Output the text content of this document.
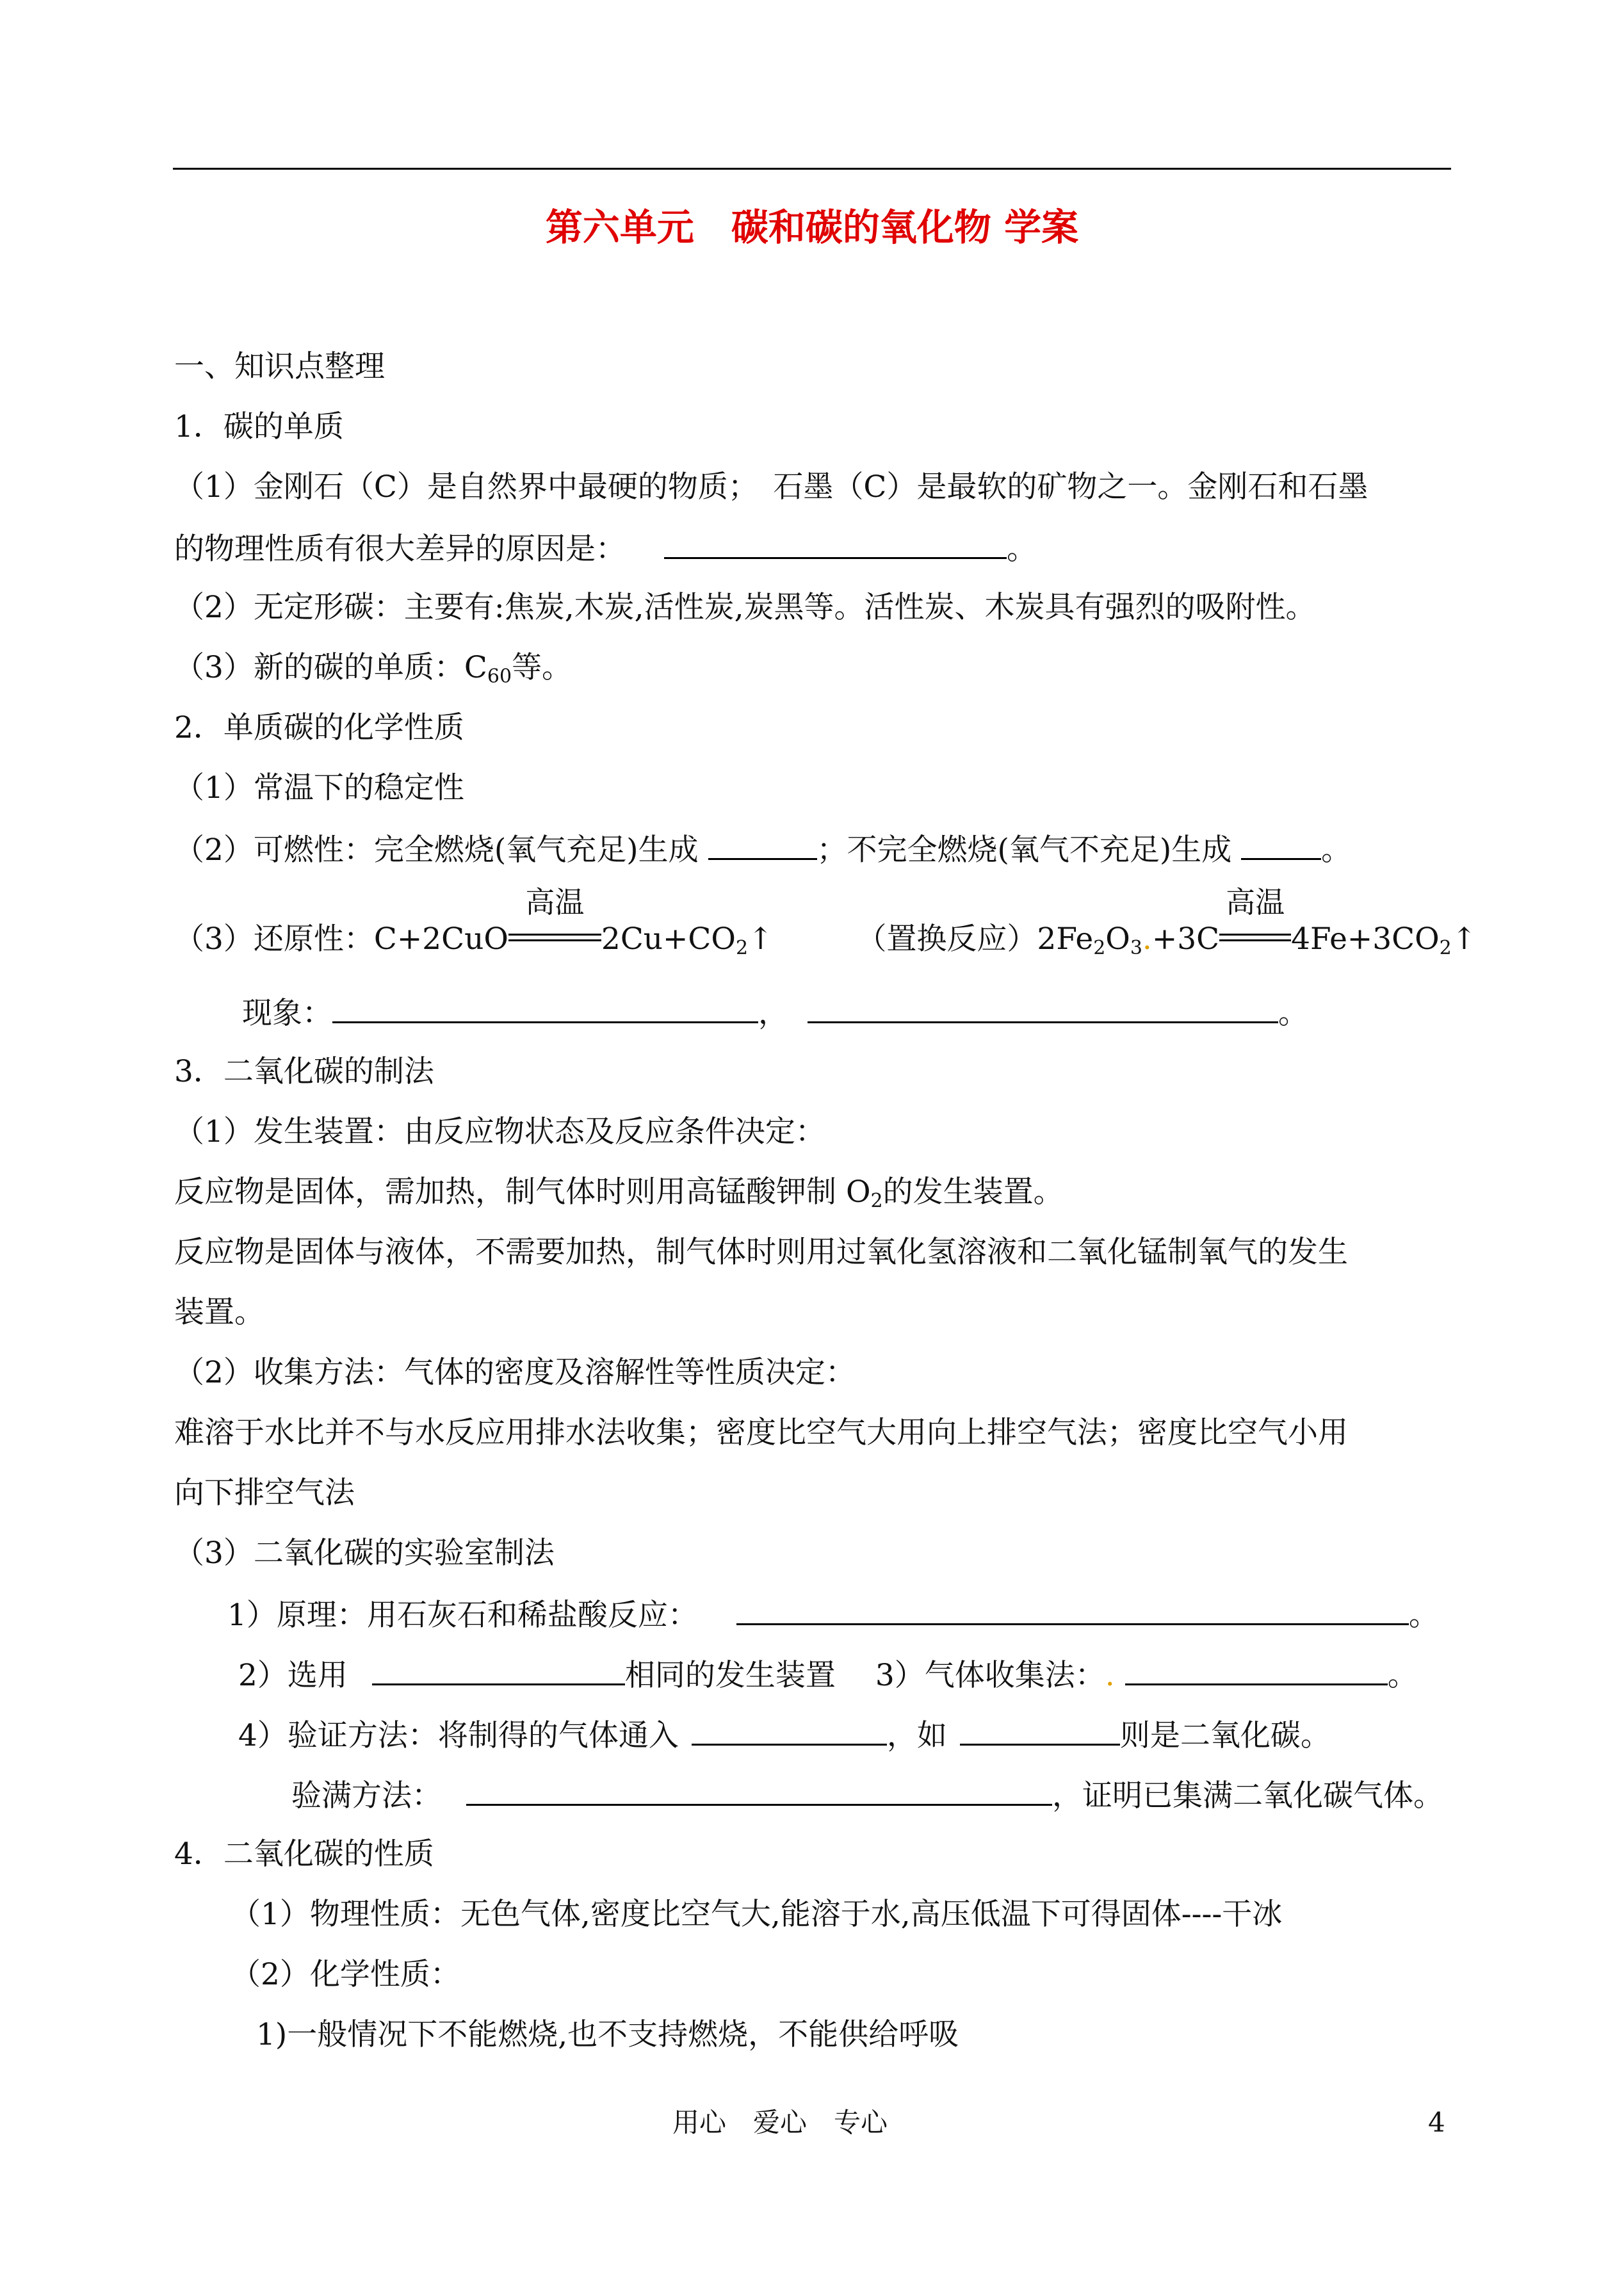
第六单元　碳和碳的氧化物 学案
一、知识点整理
1．碳的单质
（1）金刚石（C）是自然界中最硬的物质；　石墨（C）是最软的矿物之一。金刚石和石墨
的物理性质有很大差异的原因是：	。
（2）无定形碳：主要有:焦炭,木炭,活性炭,炭黑等。活性炭、木炭具有强烈的吸附性。
（3）新的碳的单质：$C_{60}$等。
2．单质碳的化学性质
（1）常温下的稳定性
（2）可燃性：完全燃烧(氧气充足)生成	；不完全燃烧(氧气不充足)生成	。
（3）还原性：C+2CuO
高温
$2Cu+CO_2↑$	（置换反应）$2Fe_2O_3.+3C$
高温
$4Fe+3CO_2↑$
现象：	，	。
3．二氧化碳的制法
（1）发生装置：由反应物状态及反应条件决定：
反应物是固体，需加热，制气体时则用高锰酸钾制 $O_2$的发生装置。
反应物是固体与液体，不需要加热，制气体时则用过氧化氢溶液和二氧化锰制氧气的发生
装置。
（2）收集方法：气体的密度及溶解性等性质决定：
难溶于水比并不与水反应用排水法收集；密度比空气大用向上排空气法；密度比空气小用
向下排空气法
（3）二氧化碳的实验室制法
1）原理：用石灰石和稀盐酸反应：	。
2）选用	相同的发生装置　 3）气体收集法：.	。
4）验证方法：将制得的气体通入	，如	则是二氧化碳。
验满方法：	，证明已集满二氧化碳气体。
4．二氧化碳的性质
（1）物理性质：无色气体,密度比空气大,能溶于水,高压低温下可得固体----干冰
（2）化学性质：
1)一般情况下不能燃烧,也不支持燃烧，不能供给呼吸
用心　爱心　专心	4
